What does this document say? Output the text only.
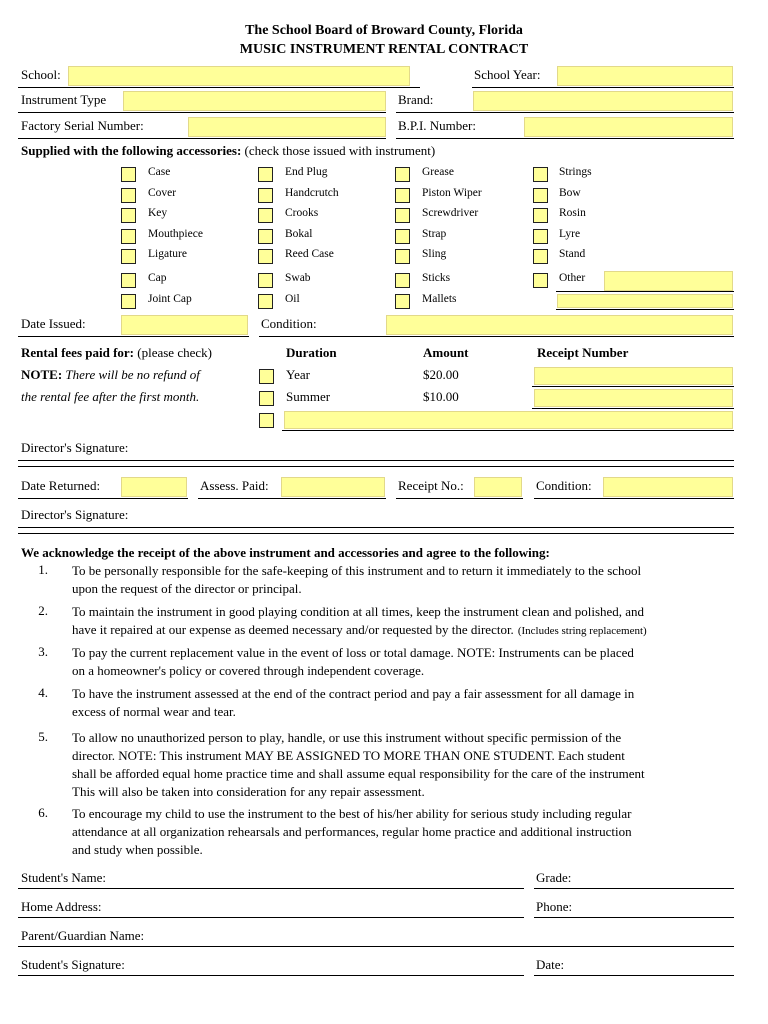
The School Board of Broward County, Florida
MUSIC INSTRUMENT RENTAL CONTRACT
School:	School Year:
Instrument Type	Brand:
Factory Serial Number:	B.P.I. Number:
Supplied with the following accessories: (check those issued with instrument)
Case
Cover
Key
Mouthpiece
Ligature
Cap
Joint Cap
End Plug
Handcrutch
Crooks
Bokal
Reed Case
Swab
Oil
Grease
Piston Wiper
Screwdriver
Strap
Sling
Sticks
Mallets
Strings
Bow
Rosin
Lyre
Stand
Other
Date Issued:	Condition:
Rental fees paid for: (please check)
NOTE: There will be no refund of
the rental fee after the first month.
Duration	Amount	Receipt Number
Year	$20.00
Summer	$10.00
Director's Signature:
Date Returned:	Assess. Paid:	Receipt No.:	Condition:
Director's Signature:
We acknowledge the receipt of the above instrument and accessories and agree to the following:
1. To be personally responsible for the safe-keeping of this instrument and to return it immediately to the school
upon the request of the director or principal.
2. To maintain the instrument in good playing condition at all times, keep the instrument clean and polished, and
have it repaired at our expense as deemed necessary and/or requested by the director. (Includes string replacement)
3. To pay the current replacement value in the event of loss or total damage. NOTE: Instruments can be placed
on a homeowner's policy or covered through independent coverage.
4. To have the instrument assessed at the end of the contract period and pay a fair assessment for all damage in
excess of normal wear and tear.
5. To allow no unauthorized person to play, handle, or use this instrument without specific permission of the
director. NOTE: This instrument MAY BE ASSIGNED TO MORE THAN ONE STUDENT. Each student
shall be afforded equal home practice time and shall assume equal responsibility for the care of the instrument
This will also be taken into consideration for any repair assessment.
6. To encourage my child to use the instrument to the best of his/her ability for serious study including regular
attendance at all organization rehearsals and performances, regular home practice and additional instruction
and study when possible.
Student's Name:	Grade:
Home Address:	Phone:
Parent/Guardian Name:
Student's Signature:	Date:
